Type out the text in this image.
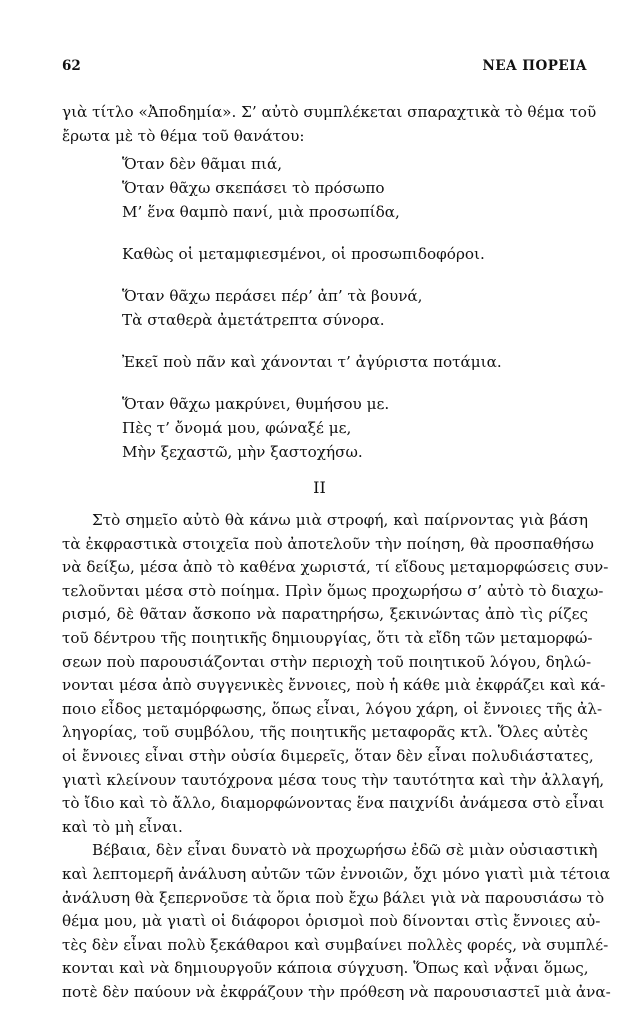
62	ΝΕΑ ΠΟΡΕΙΑ
γιὰ τίτλο «Ἀποδημία». Σ’ αὐτὸ συμπλέκεται σπαραχτικὰ τὸ θέμα τοῦ
ἔρωτα μὲ τὸ θέμα τοῦ θανάτου:
Ὅταν δὲν θᾶμαι πιά,
Ὅταν θᾶχω σκεπάσει τὸ πρόσωπο
Μ’ ἕνα θαμπὸ πανί, μιὰ προσωπίδα,
Καθὼς οἱ μεταμφιεσμένοι, οἱ προσωπιδοφόροι.
Ὅταν θᾶχω περάσει πέρ’ ἀπ’ τὰ βουνά,
Τὰ σταθερὰ ἀμετάτρεπτα σύνορα.
Ἐκεῖ ποὺ πᾶν καὶ χάνονται τ’ ἀγύριστα ποτάμια.
Ὅταν θᾶχω μακρύνει, θυμήσου με.
Πὲς τ’ ὄνομά μου, φώναξέ με,
Μὴν ξεχαστῶ, μὴν ξαστοχήσω.
ΙΙ
Στὸ σημεῖο αὐτὸ θὰ κάνω μιὰ στροφή, καὶ παίρνοντας γιὰ βάση
τὰ ἐκφραστικὰ στοιχεῖα ποὺ ἀποτελοῦν τὴν ποίηση, θὰ προσπαθήσω
νὰ δείξω, μέσα ἀπὸ τὸ καθένα χωριστά, τί εἴδους μεταμορφώσεις συν-
τελοῦνται μέσα στὸ ποίημα. Πρὶν ὅμως προχωρήσω σ’ αὐτὸ τὸ διαχω-
ρισμό, δὲ θᾶταν ἄσκοπο νὰ παρατηρήσω, ξεκινώντας ἀπὸ τὶς ρίζες
τοῦ δέντρου τῆς ποιητικῆς δημιουργίας, ὅτι τὰ εἴδη τῶν μεταμορφώ-
σεων ποὺ παρουσιάζονται στὴν περιοχὴ τοῦ ποιητικοῦ λόγου, δηλώ-
νονται μέσα ἀπὸ συγγενικὲς ἔννοιες, ποὺ ἡ κάθε μιὰ ἐκφράζει καὶ κά-
ποιο εἶδος μεταμόρφωσης, ὅπως εἶναι, λόγου χάρη, οἱ ἔννοιες τῆς ἀλ-
ληγορίας, τοῦ συμβόλου, τῆς ποιητικῆς μεταφορᾶς κτλ. Ὅλες αὐτὲς
οἱ ἔννοιες εἶναι στὴν οὐσία διμερεῖς, ὅταν δὲν εἶναι πολυδιάστατες,
γιατὶ κλείνουν ταυτόχρονα μέσα τους τὴν ταυτότητα καὶ τὴν ἀλλαγή,
τὸ ἴδιο καὶ τὸ ἄλλο, διαμορφώνοντας ἕνα παιχνίδι ἀνάμεσα στὸ εἶναι
καὶ τὸ μὴ εἶναι.
Βέβαια, δὲν εἶναι δυνατὸ νὰ προχωρήσω ἐδῶ σὲ μιὰν οὐσιαστικὴ
καὶ λεπτομερῆ ἀνάλυση αὐτῶν τῶν ἐννοιῶν, ὄχι μόνο γιατὶ μιὰ τέτοια
ἀνάλυση θὰ ξεπερνοῦσε τὰ ὅρια ποὺ ἔχω βάλει γιὰ νὰ παρουσιάσω τὸ
θέμα μου, μὰ γιατὶ οἱ διάφοροι ὁρισμοὶ ποὺ δίνονται στὶς ἔννοιες αὐ-
τὲς δὲν εἶναι πολὺ ξεκάθαροι καὶ συμβαίνει πολλὲς φορές, νὰ συμπλέ-
κονται καὶ νὰ δημιουργοῦν κάποια σύγχυση. Ὅπως καὶ νᾆναι ὅμως,
ποτὲ δὲν παύουν νὰ ἐκφράζουν τὴν πρόθεση νὰ παρουσιαστεῖ μιὰ ἀνα-
